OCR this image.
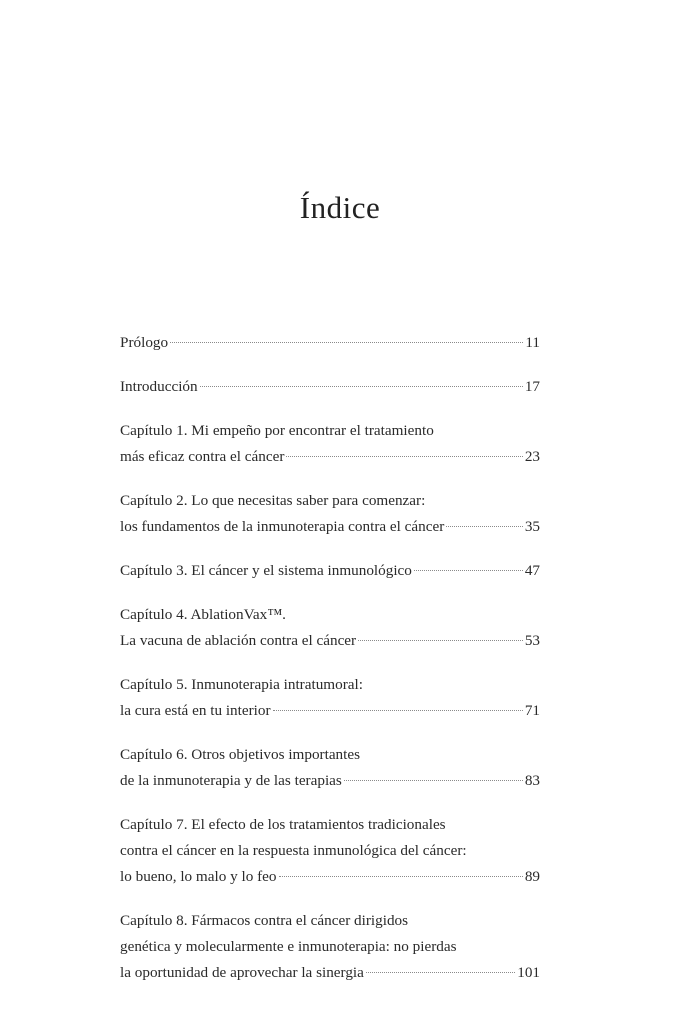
Índice
Prólogo	11
Introducción	17
Capítulo 1. Mi empeño por encontrar el tratamiento
más eficaz contra el cáncer	23
Capítulo 2. Lo que necesitas saber para comenzar:
los fundamentos de la inmunoterapia contra el cáncer	35
Capítulo 3. El cáncer y el sistema inmunológico	47
Capítulo 4. AblationVax™.
La vacuna de ablación contra el cáncer	53
Capítulo 5. Inmunoterapia intratumoral:
la cura está en tu interior	71
Capítulo 6. Otros objetivos importantes
de la inmunoterapia y de las terapias	83
Capítulo 7. El efecto de los tratamientos tradicionales
contra el cáncer en la respuesta inmunológica del cáncer:
lo bueno, lo malo y lo feo	89
Capítulo 8. Fármacos contra el cáncer dirigidos
genética y molecularmente e inmunoterapia: no pierdas
la oportunidad de aprovechar la sinergia	101
